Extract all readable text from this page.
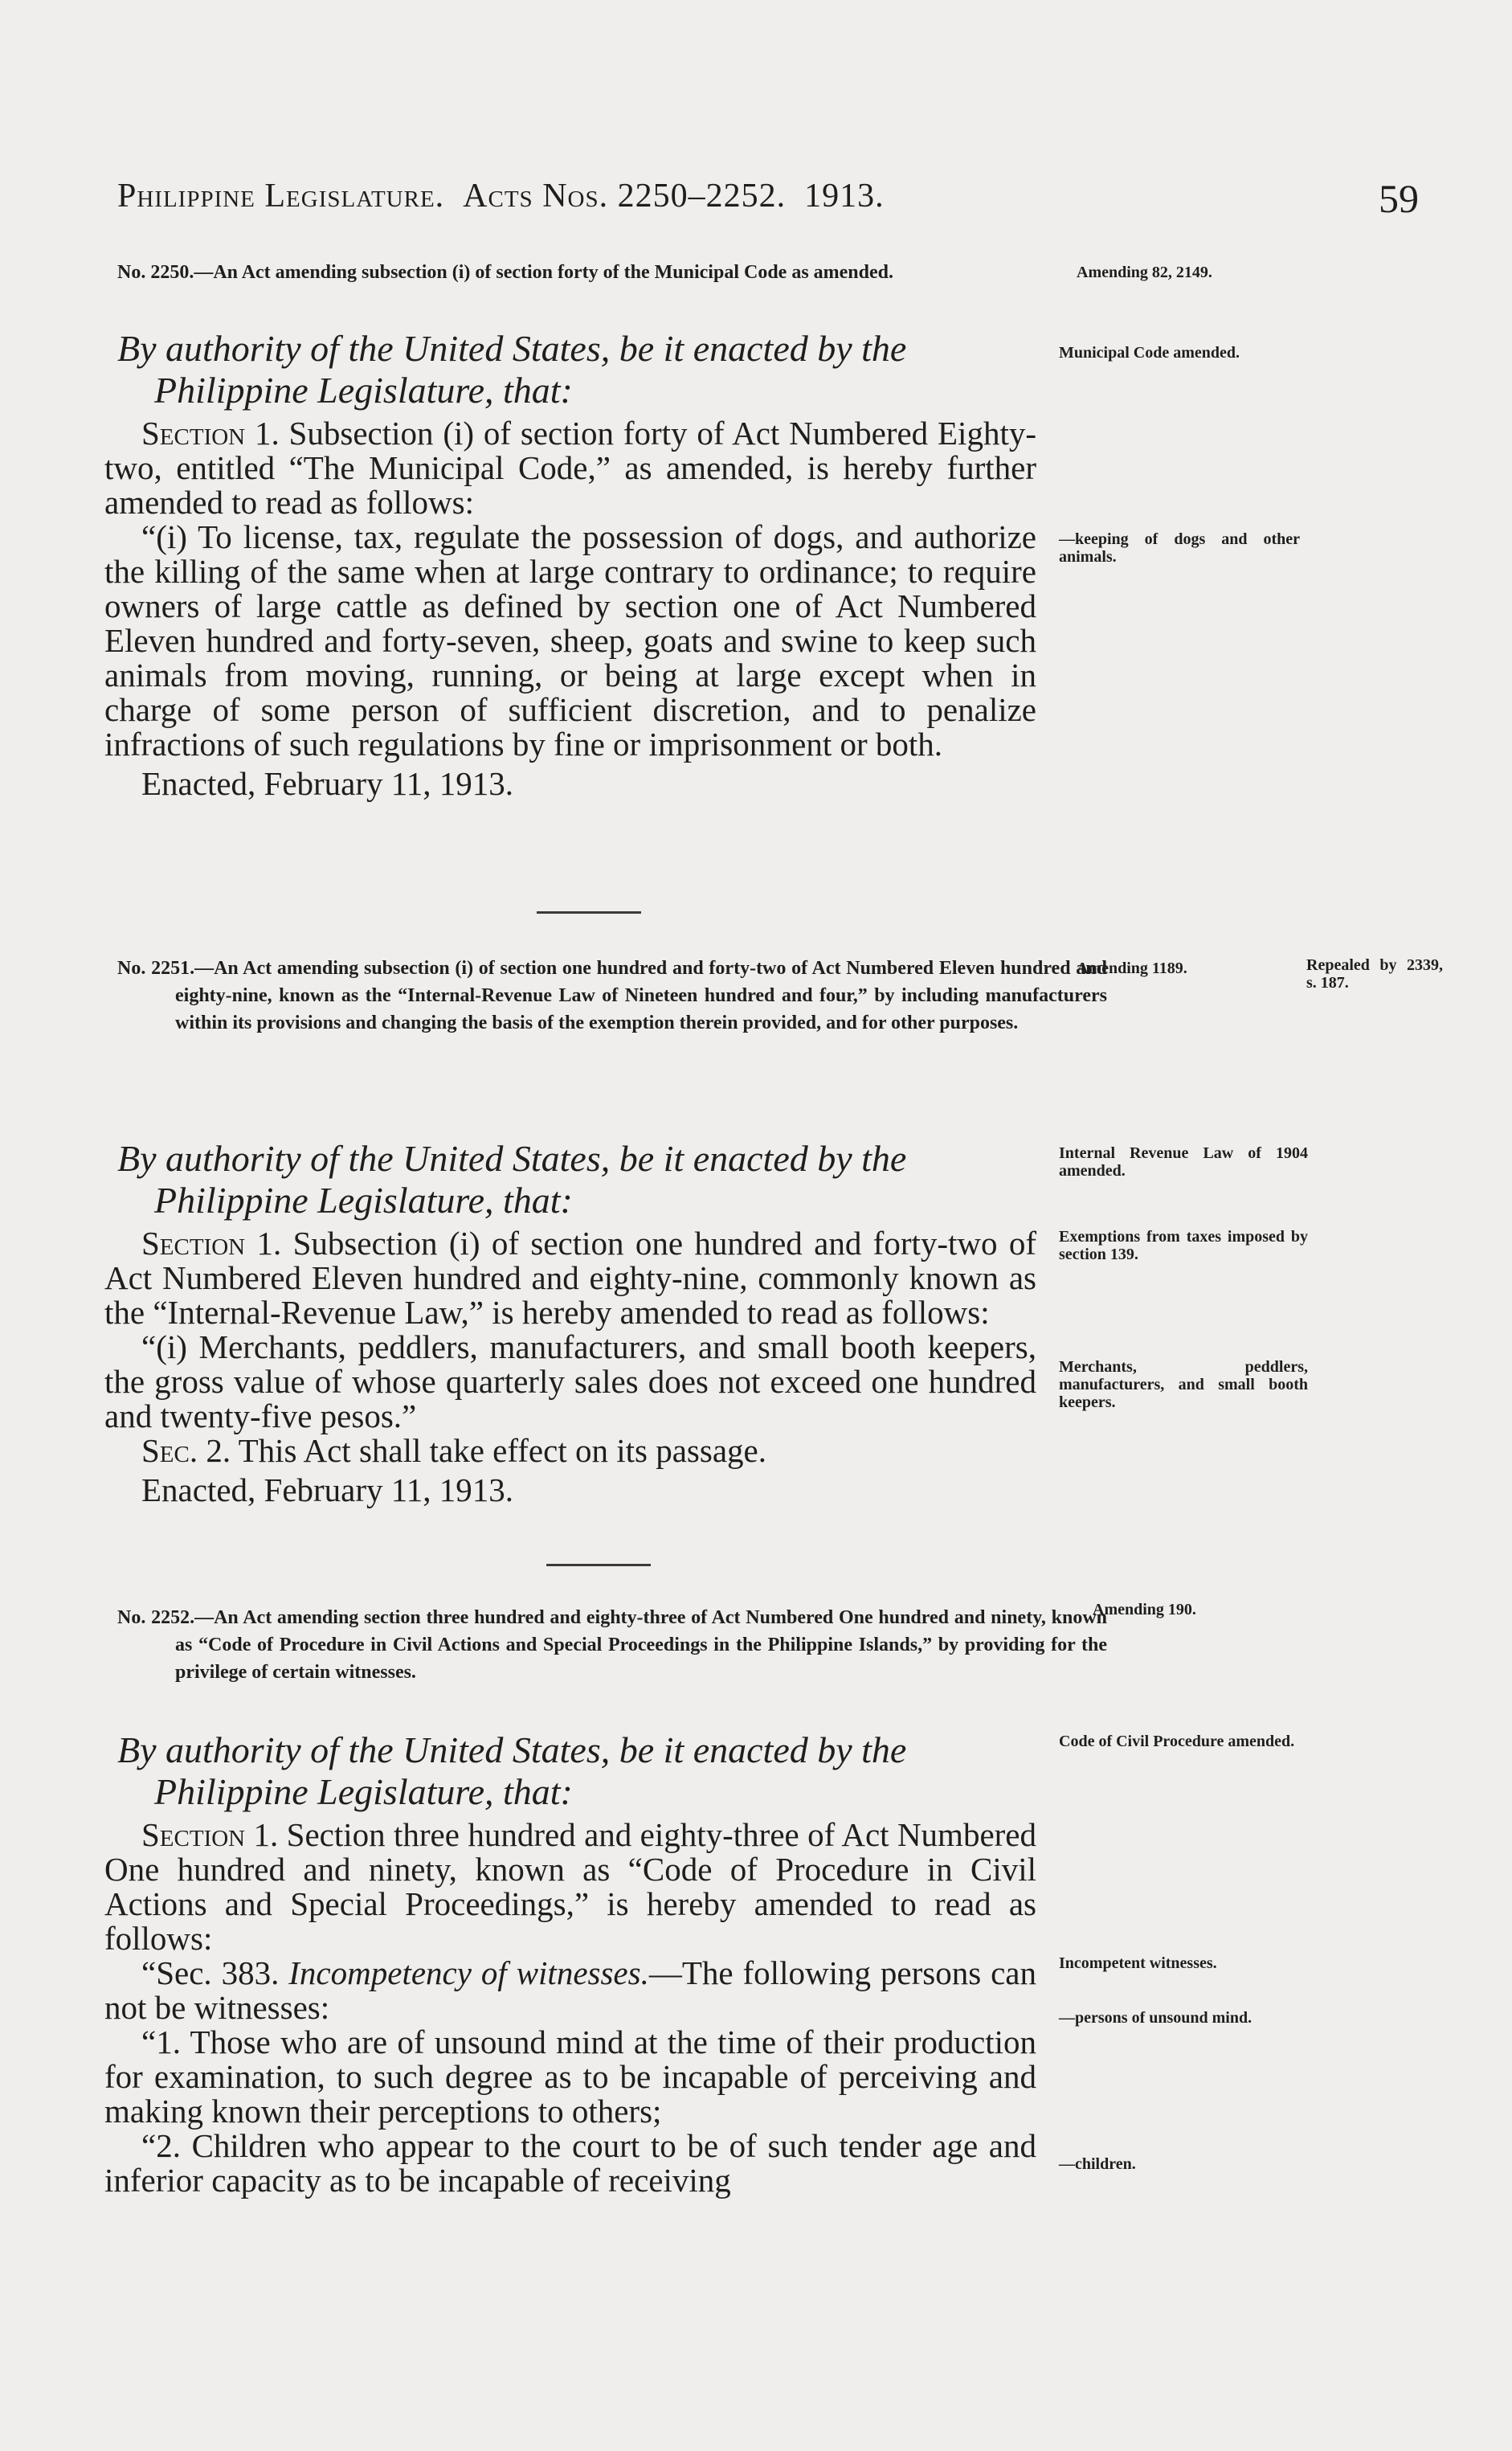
Philippine Legislature. Acts Nos. 2250–2252. 1913.	59
No. 2250.—An Act amending subsection (i) of section forty of the Municipal Code as amended.	Amending 82, 2149.
By authority of the United States, be it enacted by the
Philippine Legislature, that:
Municipal Code amended.

Section 1. Subsection (i) of section forty of Act Numbered Eighty-two, entitled “The Municipal Code,” as amended, is hereby further amended to read as follows:

“(i) To license, tax, regulate the possession of dogs, and authorize the killing of the same when at large contrary to ordinance; to require owners of large cattle as defined by section one of Act Numbered Eleven hundred and forty-seven, sheep, goats and swine to keep such animals from moving, running, or being at large except when in charge of some person of sufficient discretion, and to penalize infractions of such regulations by fine or imprisonment or both.

Enacted, February 11, 1913.

—keeping of dogs and other animals.
No. 2251.—An Act amending subsection (i) of section one hundred and forty-two of Act Numbered Eleven hundred and eighty-nine, known as the “Internal-Revenue Law of Nineteen hundred and four,” by including manufacturers within its provisions and changing the basis of the exemption therein provided, and for other purposes.
Amending 1189.	Repealed by 2339, s. 187.
By authority of the United States, be it enacted by the
Philippine Legislature, that:
Internal Revenue Law of 1904 amended.

Section 1. Subsection (i) of section one hundred and forty-two of Act Numbered Eleven hundred and eighty-nine, commonly known as the “Internal-Revenue Law,” is hereby amended to read as follows:

“(i) Merchants, peddlers, manufacturers, and small booth keepers, the gross value of whose quarterly sales does not exceed one hundred and twenty-five pesos.”

Sec. 2. This Act shall take effect on its passage.

Enacted, February 11, 1913.

Exemptions from taxes imposed by section 139.
Merchants, peddlers, manufacturers, and small booth keepers.
No. 2252.—An Act amending section three hundred and eighty-three of Act Numbered One hundred and ninety, known as “Code of Procedure in Civil Actions and Special Proceedings in the Philippine Islands,” by providing for the privilege of certain witnesses.
Amending 190.
By authority of the United States, be it enacted by the
Philippine Legislature, that:
Code of Civil Procedure amended.

Section 1. Section three hundred and eighty-three of Act Numbered One hundred and ninety, known as “Code of Procedure in Civil Actions and Special Proceedings,” is hereby amended to read as follows:

“Sec. 383. Incompetency of witnesses.—The following persons can not be witnesses:

“1. Those who are of unsound mind at the time of their production for examination, to such degree as to be incapable of perceiving and making known their perceptions to others;

“2. Children who appear to the court to be of such tender age and inferior capacity as to be incapable of receiving

Incompetent witnesses.
—persons of unsound mind.
—children.
